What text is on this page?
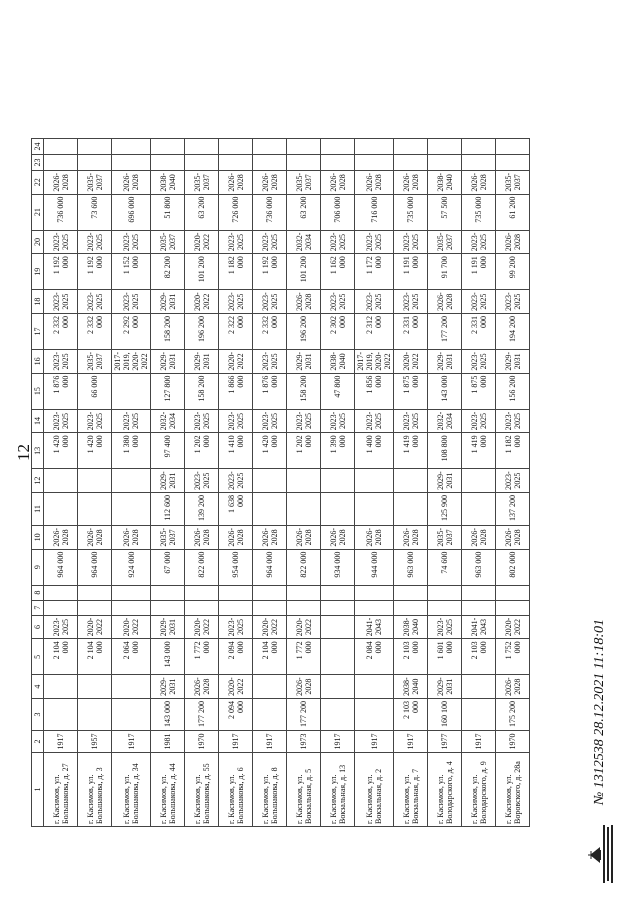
12
1	2	3	4	5	6	7	8	9	10	11	12	13	14	15	16	17	18	19	20	21	22	23	24
г. Касимов, ул. Большакова, д. 27	1917			2 104 000	2023-2025			964 000	2026-2028			1 420 000	2023-2025	1 876 000	2023-2025	2 332 000	2023-2025	1 192 000	2023-2025	736 000	2026-2028		
г. Касимов, ул. Большакова, д. 3	1957			2 104 000	2020-2022			964 000	2026-2028			1 420 000	2023-2025	66 000	2035-2037	2 332 000	2023-2025	1 192 000	2023-2025	73 600	2035-2037		
г. Касимов, ул. Большакова, д. 34	1917			2 064 000	2020-2022			924 000	2026-2028			1 380 000	2023-2025		2017-2019, 2020-2022	2 292 000	2023-2025	1 152 000	2023-2025	696 000	2026-2028		
г. Касимов, ул. Большакова, д. 44	1981	143 000	2029-2031	143 000	2029-2031			67 000	2035-2037	112 600	2029-2031	97 400	2032-2034	127 800	2029-2031	158 200	2029-2031	82 200	2035-2037	51 800	2038-2040		
г. Касимов, ул. Большакова, д. 55	1970	177 200	2026-2028	1 772 000	2020-2022			822 000	2026-2028	139 200	2023-2025	1 202 000	2023-2025	158 200	2029-2031	196 200	2020-2022	101 200	2020-2022	63 200	2035-2037		
г. Касимов, ул. Большакова, д. 6	1917	2 094 000	2020-2022	2 094 000	2023-2025			954 000	2026-2028	1 638 000	2023-2025	1 410 000	2023-2025	1 866 000	2020-2022	2 322 000	2023-2025	1 182 000	2023-2025	726 000	2026-2028		
г. Касимов, ул. Большакова, д. 8	1917			2 104 000	2020-2022			964 000	2026-2028			1 420 000	2023-2025	1 876 000	2023-2025	2 332 000	2023-2025	1 192 000	2023-2025	736 000	2026-2028		
г. Касимов, ул. Вокзальная, д. 5	1973	177 200	2026-2028	1 772 000	2020-2022			822 000	2026-2028			1 202 000	2023-2025	158 200	2029-2031	196 200	2026-2028	101 200	2032-2034	63 200	2035-2037		
г. Касимов, ул. Вокзальная, д. 13	1917							934 000	2026-2028			1 390 000	2023-2025	47 800	2038-2040	2 302 000	2023-2025	1 162 000	2023-2025	706 000	2026-2028		
г. Касимов, ул. Вокзальная, д. 2	1917			2 084 000	2041-2043			944 000	2026-2028			1 400 000	2023-2025	1 856 000	2017-2019, 2020-2022	2 312 000	2023-2025	1 172 000	2023-2025	716 000	2026-2028		
г. Касимов, ул. Вокзальная, д. 7	1917	2 103 000	2038-2040	2 103 000	2038-2040			963 000	2026-2028			1 419 000	2023-2025	1 875 000	2020-2022	2 331 000	2023-2025	1 191 000	2023-2025	735 000	2026-2028		
г. Касимов, ул. Володарского, д. 4	1977	160 100	2029-2031	1 601 000	2023-2025			74 600	2035-2037	125 900	2029-2031	108 800	2032-2034	143 000	2029-2031	177 200	2026-2028	91 700	2035-2037	57 500	2038-2040		
г. Касимов, ул. Володарского, д. 9	1917			2 103 000	2041-2043			963 000	2026-2028			1 419 000	2023-2025	1 875 000	2023-2025	2 331 000	2023-2025	1 191 000	2023-2025	735 000	2026-2028		
г. Касимов, ул. Воровского, д. 28а	1970	175 200	2026-2028	1 752 000	2020-2022			802 000	2026-2028	137 200	2023-2025	1 182 000	2023-2025	156 200	2029-2031	194 200	2023-2025	99 200	2026-2028	61 200	2035-2037		
№ 1312538 28.12.2021 11:18:01
